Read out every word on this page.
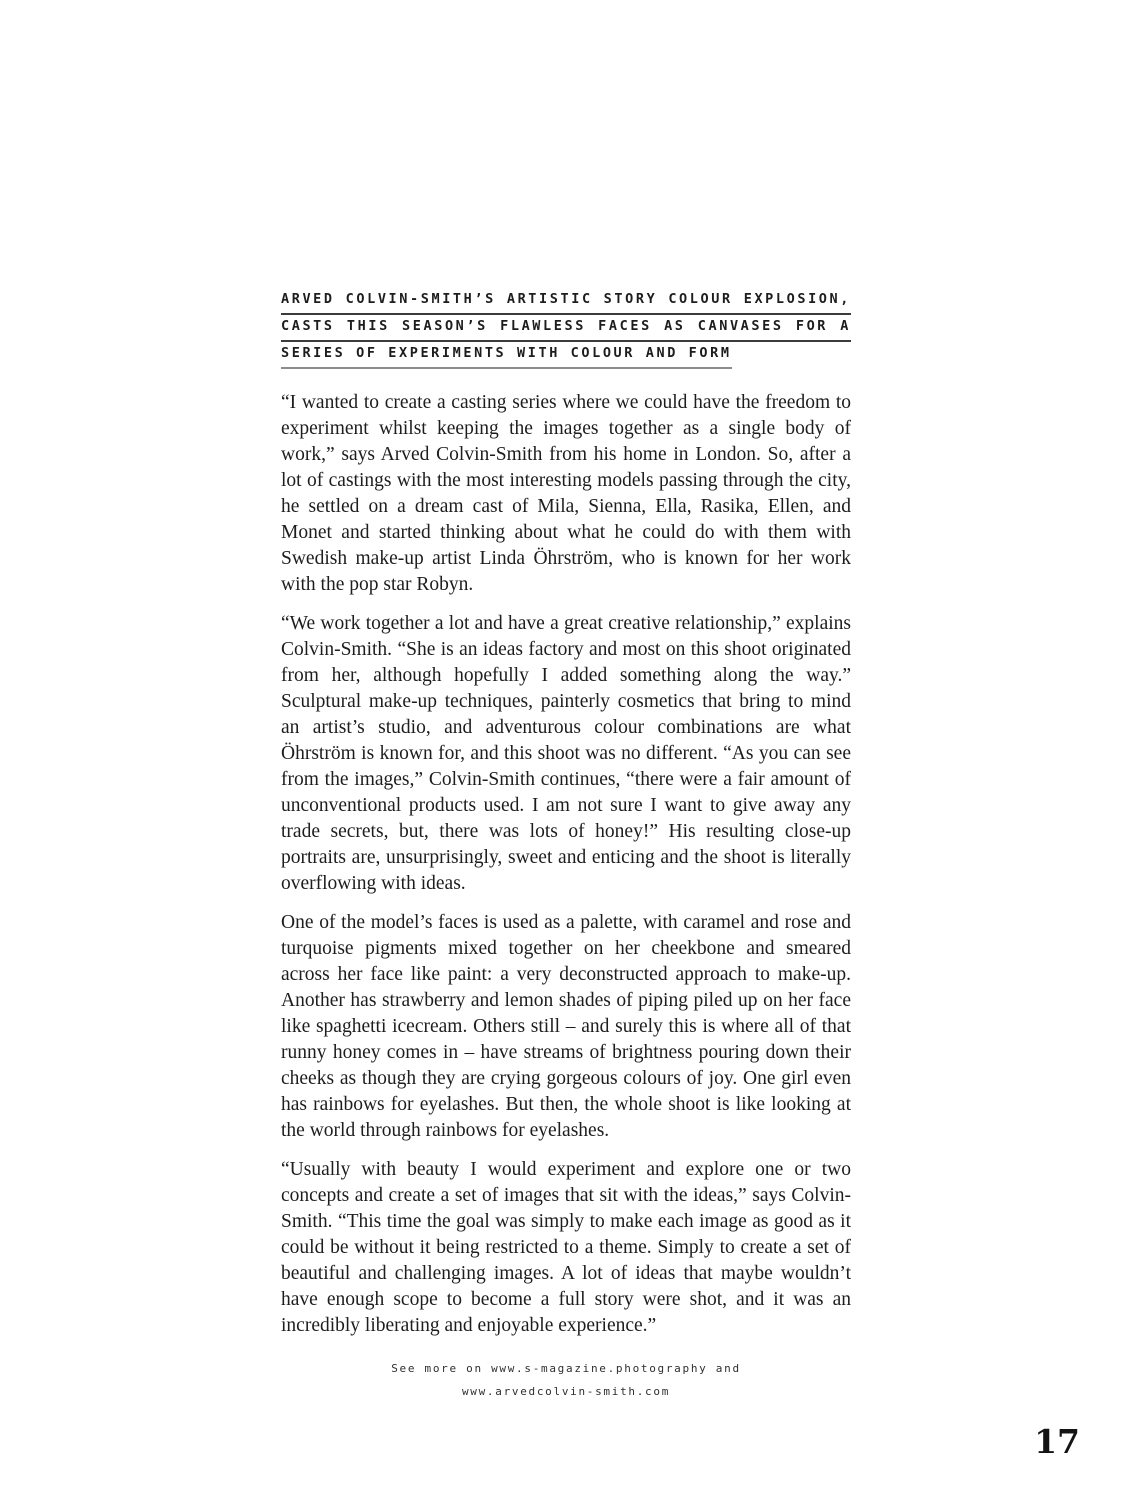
ARVED COLVIN-SMITH’S ARTISTIC STORY COLOUR EXPLOSION,
CASTS THIS SEASON’S FLAWLESS FACES AS CANVASES FOR A
SERIES OF EXPERIMENTS WITH COLOUR AND FORM

“I wanted to create a casting series where we could have the freedom to experiment whilst keeping the images together as a single body of work,” says Arved Colvin-Smith from his home in London. So, after a lot of castings with the most interesting models passing through the city, he settled on a dream cast of Mila, Sienna, Ella, Rasika, Ellen, and Monet and started thinking about what he could do with them with Swedish make-up artist Linda Öhrström, who is known for her work with the pop star Robyn.

“We work together a lot and have a great creative relationship,” explains Colvin-Smith. “She is an ideas factory and most on this shoot originated from her, although hopefully I added something along the way.” Sculptural make-up techniques, painterly cosmetics that bring to mind an artist’s studio, and adventurous colour combinations are what Öhrström is known for, and this shoot was no different. “As you can see from the images,” Colvin-Smith continues, “there were a fair amount of unconventional products used. I am not sure I want to give away any trade secrets, but, there was lots of honey!” His resulting close-up portraits are, unsurprisingly, sweet and enticing and the shoot is literally overflowing with ideas.

One of the model’s faces is used as a palette, with caramel and rose and turquoise pigments mixed together on her cheekbone and smeared across her face like paint: a very deconstructed approach to make-up. Another has strawberry and lemon shades of piping piled up on her face like spaghetti icecream. Others still – and surely this is where all of that runny honey comes in – have streams of brightness pouring down their cheeks as though they are crying gorgeous colours of joy. One girl even has rainbows for eyelashes. But then, the whole shoot is like looking at the world through rainbows for eyelashes.

“Usually with beauty I would experiment and explore one or two concepts and create a set of images that sit with the ideas,” says Colvin-Smith. “This time the goal was simply to make each image as good as it could be without it being restricted to a theme. Simply to create a set of beautiful and challenging images. A lot of ideas that maybe wouldn’t have enough scope to become a full story were shot, and it was an incredibly liberating and enjoyable experience.”

See more on www.s-magazine.photography and
www.arvedcolvin-smith.com
17
